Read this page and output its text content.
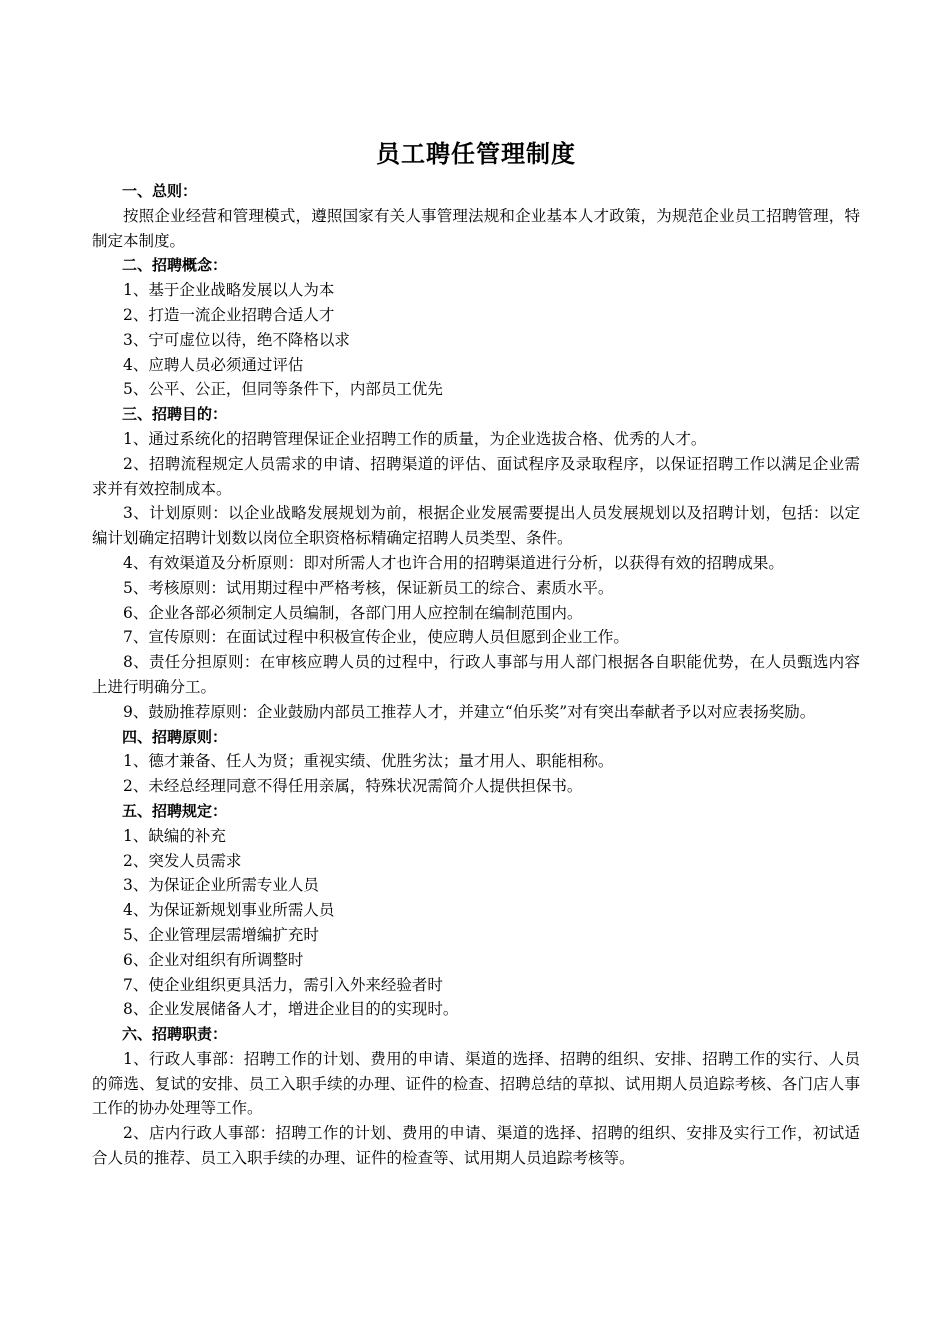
员工聘任管理制度

一、总则：

按照企业经营和管理模式，遵照国家有关人事管理法规和企业基本人才政策，为规范企业员工招聘管理，特制定本制度。

二、招聘概念：

1、基于企业战略发展以人为本

2、打造一流企业招聘合适人才

3、宁可虚位以待，绝不降格以求

4、应聘人员必须通过评估

5、公平、公正，但同等条件下，内部员工优先

三、招聘目的：

1、通过系统化的招聘管理保证企业招聘工作的质量，为企业选拔合格、优秀的人才。

2、招聘流程规定人员需求的申请、招聘渠道的评估、面试程序及录取程序，以保证招聘工作以满足企业需求并有效控制成本。

3、计划原则：以企业战略发展规划为前，根据企业发展需要提出人员发展规划以及招聘计划，包括：以定编计划确定招聘计划数以岗位全职资格标精确定招聘人员类型、条件。

4、有效渠道及分析原则：即对所需人才也许合用的招聘渠道进行分析，以获得有效的招聘成果。

5、考核原则：试用期过程中严格考核，保证新员工的综合、素质水平。

6、企业各部必须制定人员编制，各部门用人应控制在编制范围内。

7、宣传原则：在面试过程中积极宣传企业，使应聘人员但愿到企业工作。

8、责任分担原则：在审核应聘人员的过程中，行政人事部与用人部门根据各自职能优势，在人员甄选内容上进行明确分工。

9、鼓励推荐原则：企业鼓励内部员工推荐人才，并建立“伯乐奖”对有突出奉献者予以对应表扬奖励。

四、招聘原则：

1、德才兼备、任人为贤；重视实绩、优胜劣汰；量才用人、职能相称。

2、未经总经理同意不得任用亲属，特殊状况需简介人提供担保书。

五、招聘规定：

1、缺编的补充

2、突发人员需求

3、为保证企业所需专业人员

4、为保证新规划事业所需人员

5、企业管理层需增编扩充时

6、企业对组织有所调整时

7、使企业组织更具活力，需引入外来经验者时

8、企业发展储备人才，增进企业目的的实现时。

六、招聘职责：

1、行政人事部：招聘工作的计划、费用的申请、渠道的选择、招聘的组织、安排、招聘工作的实行、人员的筛选、复试的安排、员工入职手续的办理、证件的检查、招聘总结的草拟、试用期人员追踪考核、各门店人事工作的协办处理等工作。

2、店内行政人事部：招聘工作的计划、费用的申请、渠道的选择、招聘的组织、安排及实行工作，初试适合人员的推荐、员工入职手续的办理、证件的检查等、试用期人员追踪考核等。
